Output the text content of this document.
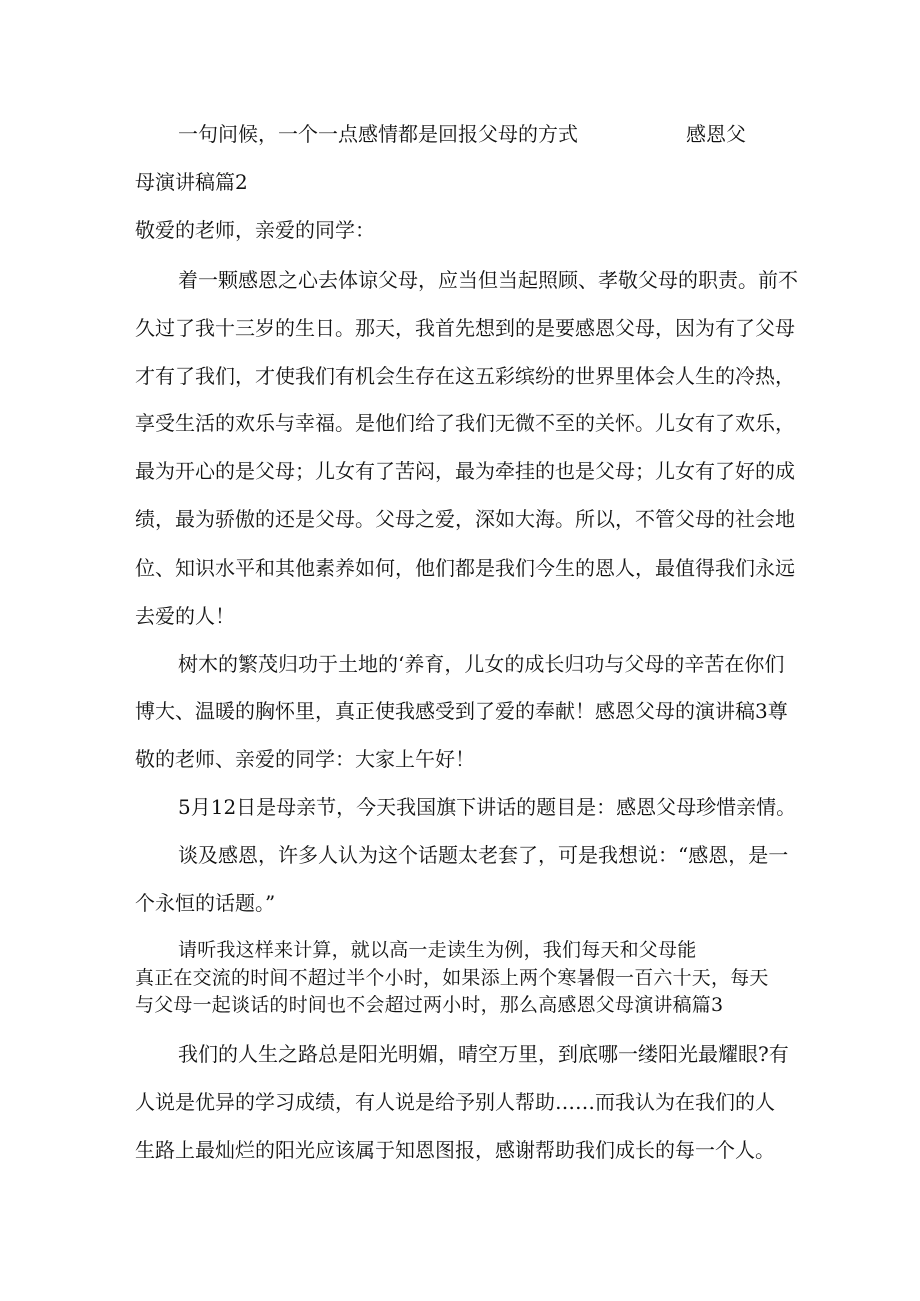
一句问候，一个一点感情都是回报父母的方式	感恩父
母演讲稿篇2
敬爱的老师，亲爱的同学：
着一颗感恩之心去体谅父母，应当但当起照顾、孝敬父母的职责。前不
久过了我十三岁的生日。那天，我首先想到的是要感恩父母，因为有了父母
才有了我们，才使我们有机会生存在这五彩缤纷的世界里体会人生的冷热，
享受生活的欢乐与幸福。是他们给了我们无微不至的关怀。儿女有了欢乐，
最为开心的是父母；儿女有了苦闷，最为牵挂的也是父母；儿女有了好的成
绩，最为骄傲的还是父母。父母之爱，深如大海。所以，不管父母的社会地
位、知识水平和其他素养如何，他们都是我们今生的恩人，最值得我们永远
去爱的人！
树木的繁茂归功于土地的‘养育，儿女的成长归功与父母的辛苦在你们
博大、温暖的胸怀里，真正使我感受到了爱的奉献！感恩父母的演讲稿3尊
敬的老师、亲爱的同学：大家上午好！
5月12日是母亲节，今天我国旗下讲话的题目是：感恩父母珍惜亲情。
谈及感恩，许多人认为这个话题太老套了，可是我想说：“感恩，是一
个永恒的话题。”
请听我这样来计算，就以高一走读生为例，我们每天和父母能
真正在交流的时间不超过半个小时，如果添上两个寒暑假一百六十天，每天
与父母一起谈话的时间也不会超过两小时，那么高感恩父母演讲稿篇3
我们的人生之路总是阳光明媚，晴空万里，到底哪一缕阳光最耀眼?有
人说是优异的学习成绩，有人说是给予别人帮助……而我认为在我们的人
生路上最灿烂的阳光应该属于知恩图报，感谢帮助我们成长的每一个人。
